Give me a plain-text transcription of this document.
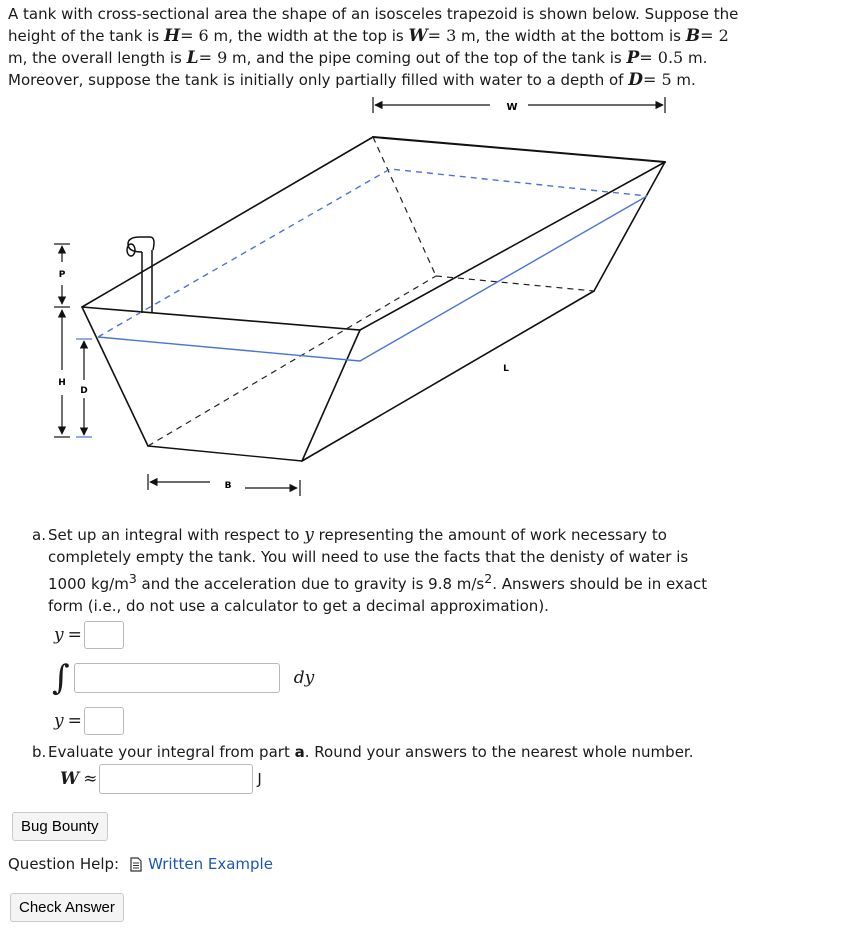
A tank with cross-sectional area the shape of an isosceles trapezoid is shown below. Suppose the
height of the tank is H= 6 m, the width at the top is W= 3 m, the width at the bottom is B= 2
m, the overall length is L= 9 m, and the pipe coming out of the top of the tank is P= 0.5 m.
Moreover, suppose the tank is initially only partially filled with water to a depth of D= 5 m.
W
P
H
D
L
B
a. Set up an integral with respect to y representing the amount of work necessary to completely empty the tank. You will need to use the facts that the denisty of water is 1000 $kg/m^3$ and the acceleration due to gravity is 9.8 $m/s^2$. Answers should be in exact form (i.e., do not use a calculator to get a decimal approximation).
y =
∫	dy
y =
b. Evaluate your integral from part a. Round your answers to the nearest whole number.
W ≈	J
Bug Bounty
Question Help: Written Example
Check Answer
